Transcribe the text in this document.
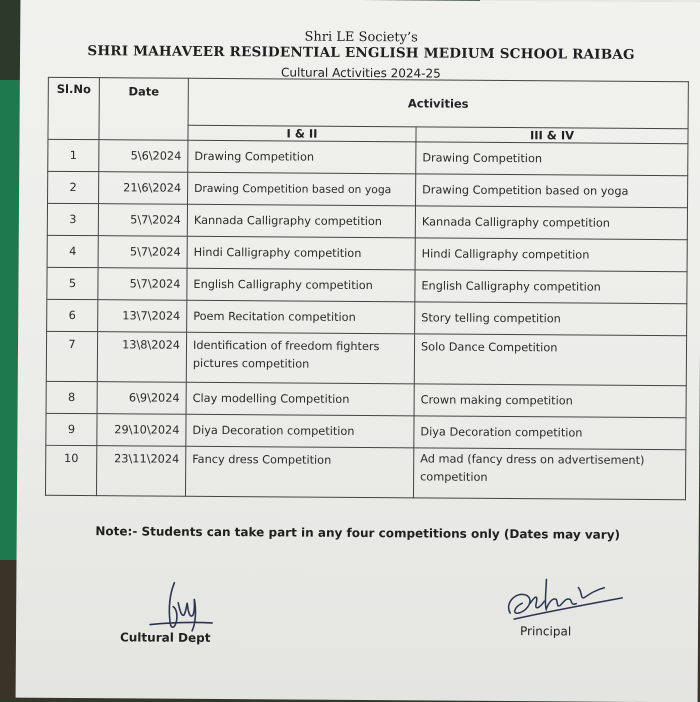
Shri LE Society’s
SHRI MAHAVEER RESIDENTIAL ENGLISH MEDIUM SCHOOL RAIBAG
Cultural Activities 2024-25
Sl.No	Date	Activities	
		I & II	III & IV
1	5\6\2024	Drawing Competition	Drawing Competition
2	21\6\2024	Drawing Competition based on yoga	Drawing Competition based on yoga
3	5\7\2024	Kannada Calligraphy competition	Kannada Calligraphy competition
4	5\7\2024	Hindi Calligraphy competition	Hindi Calligraphy competition
5	5\7\2024	English Calligraphy competition	English Calligraphy competition
6	13\7\2024	Poem Recitation competition	Story telling competition
7	13\8\2024	Identification of freedom fighters pictures competition	Solo Dance Competition
8	6\9\2024	Clay modelling Competition	Crown making competition
9	29\10\2024	Diya Decoration competition	Diya Decoration competition
10	23\11\2024	Fancy dress Competition	Ad mad (fancy dress on advertisement) competition
Note:- Students can take part in any four competitions only (Dates may vary)
Cultural Dept	Principal
